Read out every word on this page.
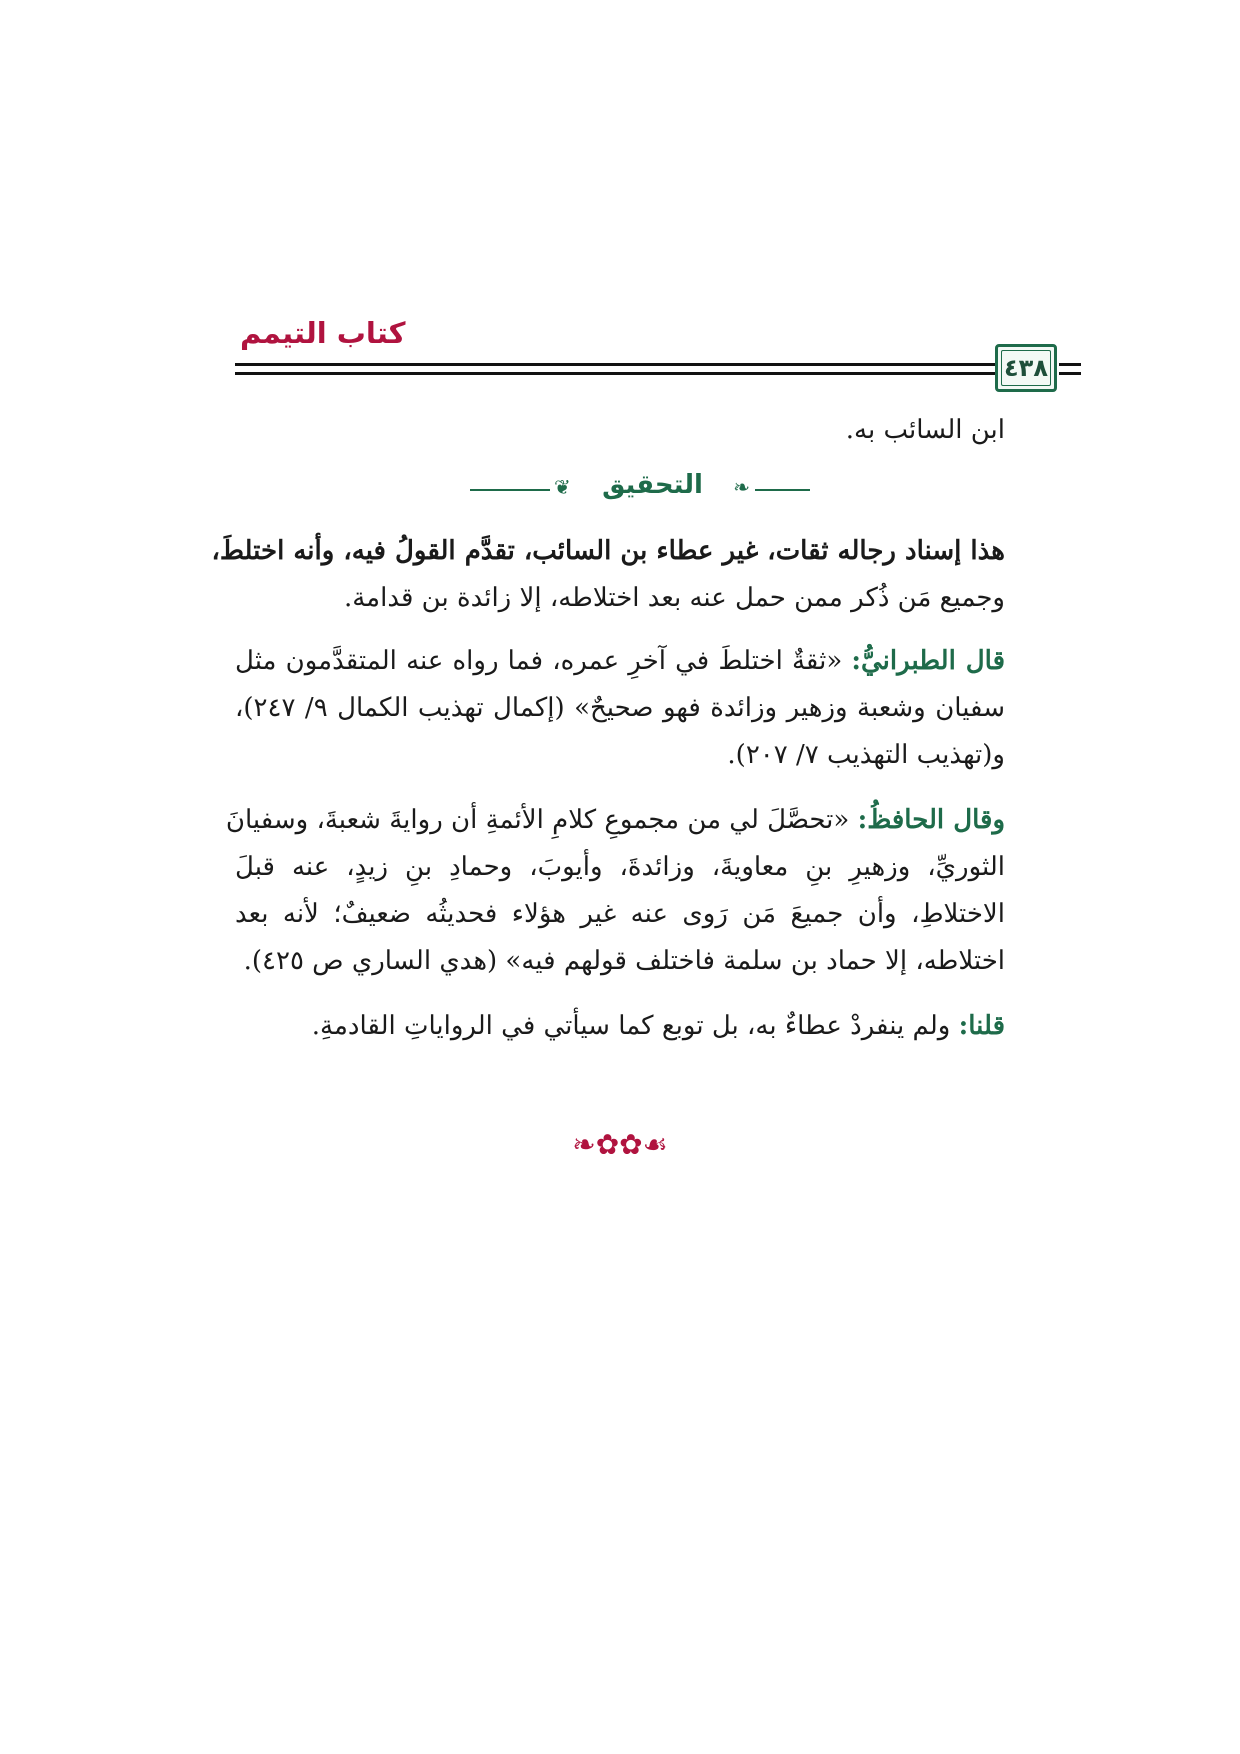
كتاب التيمم
٤٣٨
ابن السائب به.
❦	التحقيق	❧
هذا إسناد رجاله ثقات، غير عطاء بن السائب، تقدَّم القولُ فيه، وأنه اختلطَ،
وجميع مَن ذُكر ممن حمل عنه بعد اختلاطه، إلا زائدة بن قدامة.
قال الطبرانيُّ: «ثقةٌ اختلطَ في آخرِ عمره، فما رواه عنه المتقدَّمون مثل
سفيان وشعبة وزهير وزائدة فهو صحيحٌ» (إكمال تهذيب الكمال ٩/ ٢٤٧)،
و(تهذيب التهذيب ٧/ ٢٠٧).
وقال الحافظُ: «تحصَّلَ لي من مجموعِ كلامِ الأئمةِ أن روايةَ شعبةَ، وسفيانَ
الثوريِّ، وزهيرِ بنِ معاويةَ، وزائدةَ، وأيوبَ، وحمادِ بنِ زيدٍ، عنه قبلَ
الاختلاطِ، وأن جميعَ مَن رَوى عنه غير هؤلاء فحديثُه ضعيفٌ؛ لأنه بعد
اختلاطه، إلا حماد بن سلمة فاختلف قولهم فيه» (هدي الساري ص ٤٢٥).
قلنا: ولم ينفردْ عطاءٌ به، بل توبع كما سيأتي في الرواياتِ القادمةِ.
❧✿✿☙
